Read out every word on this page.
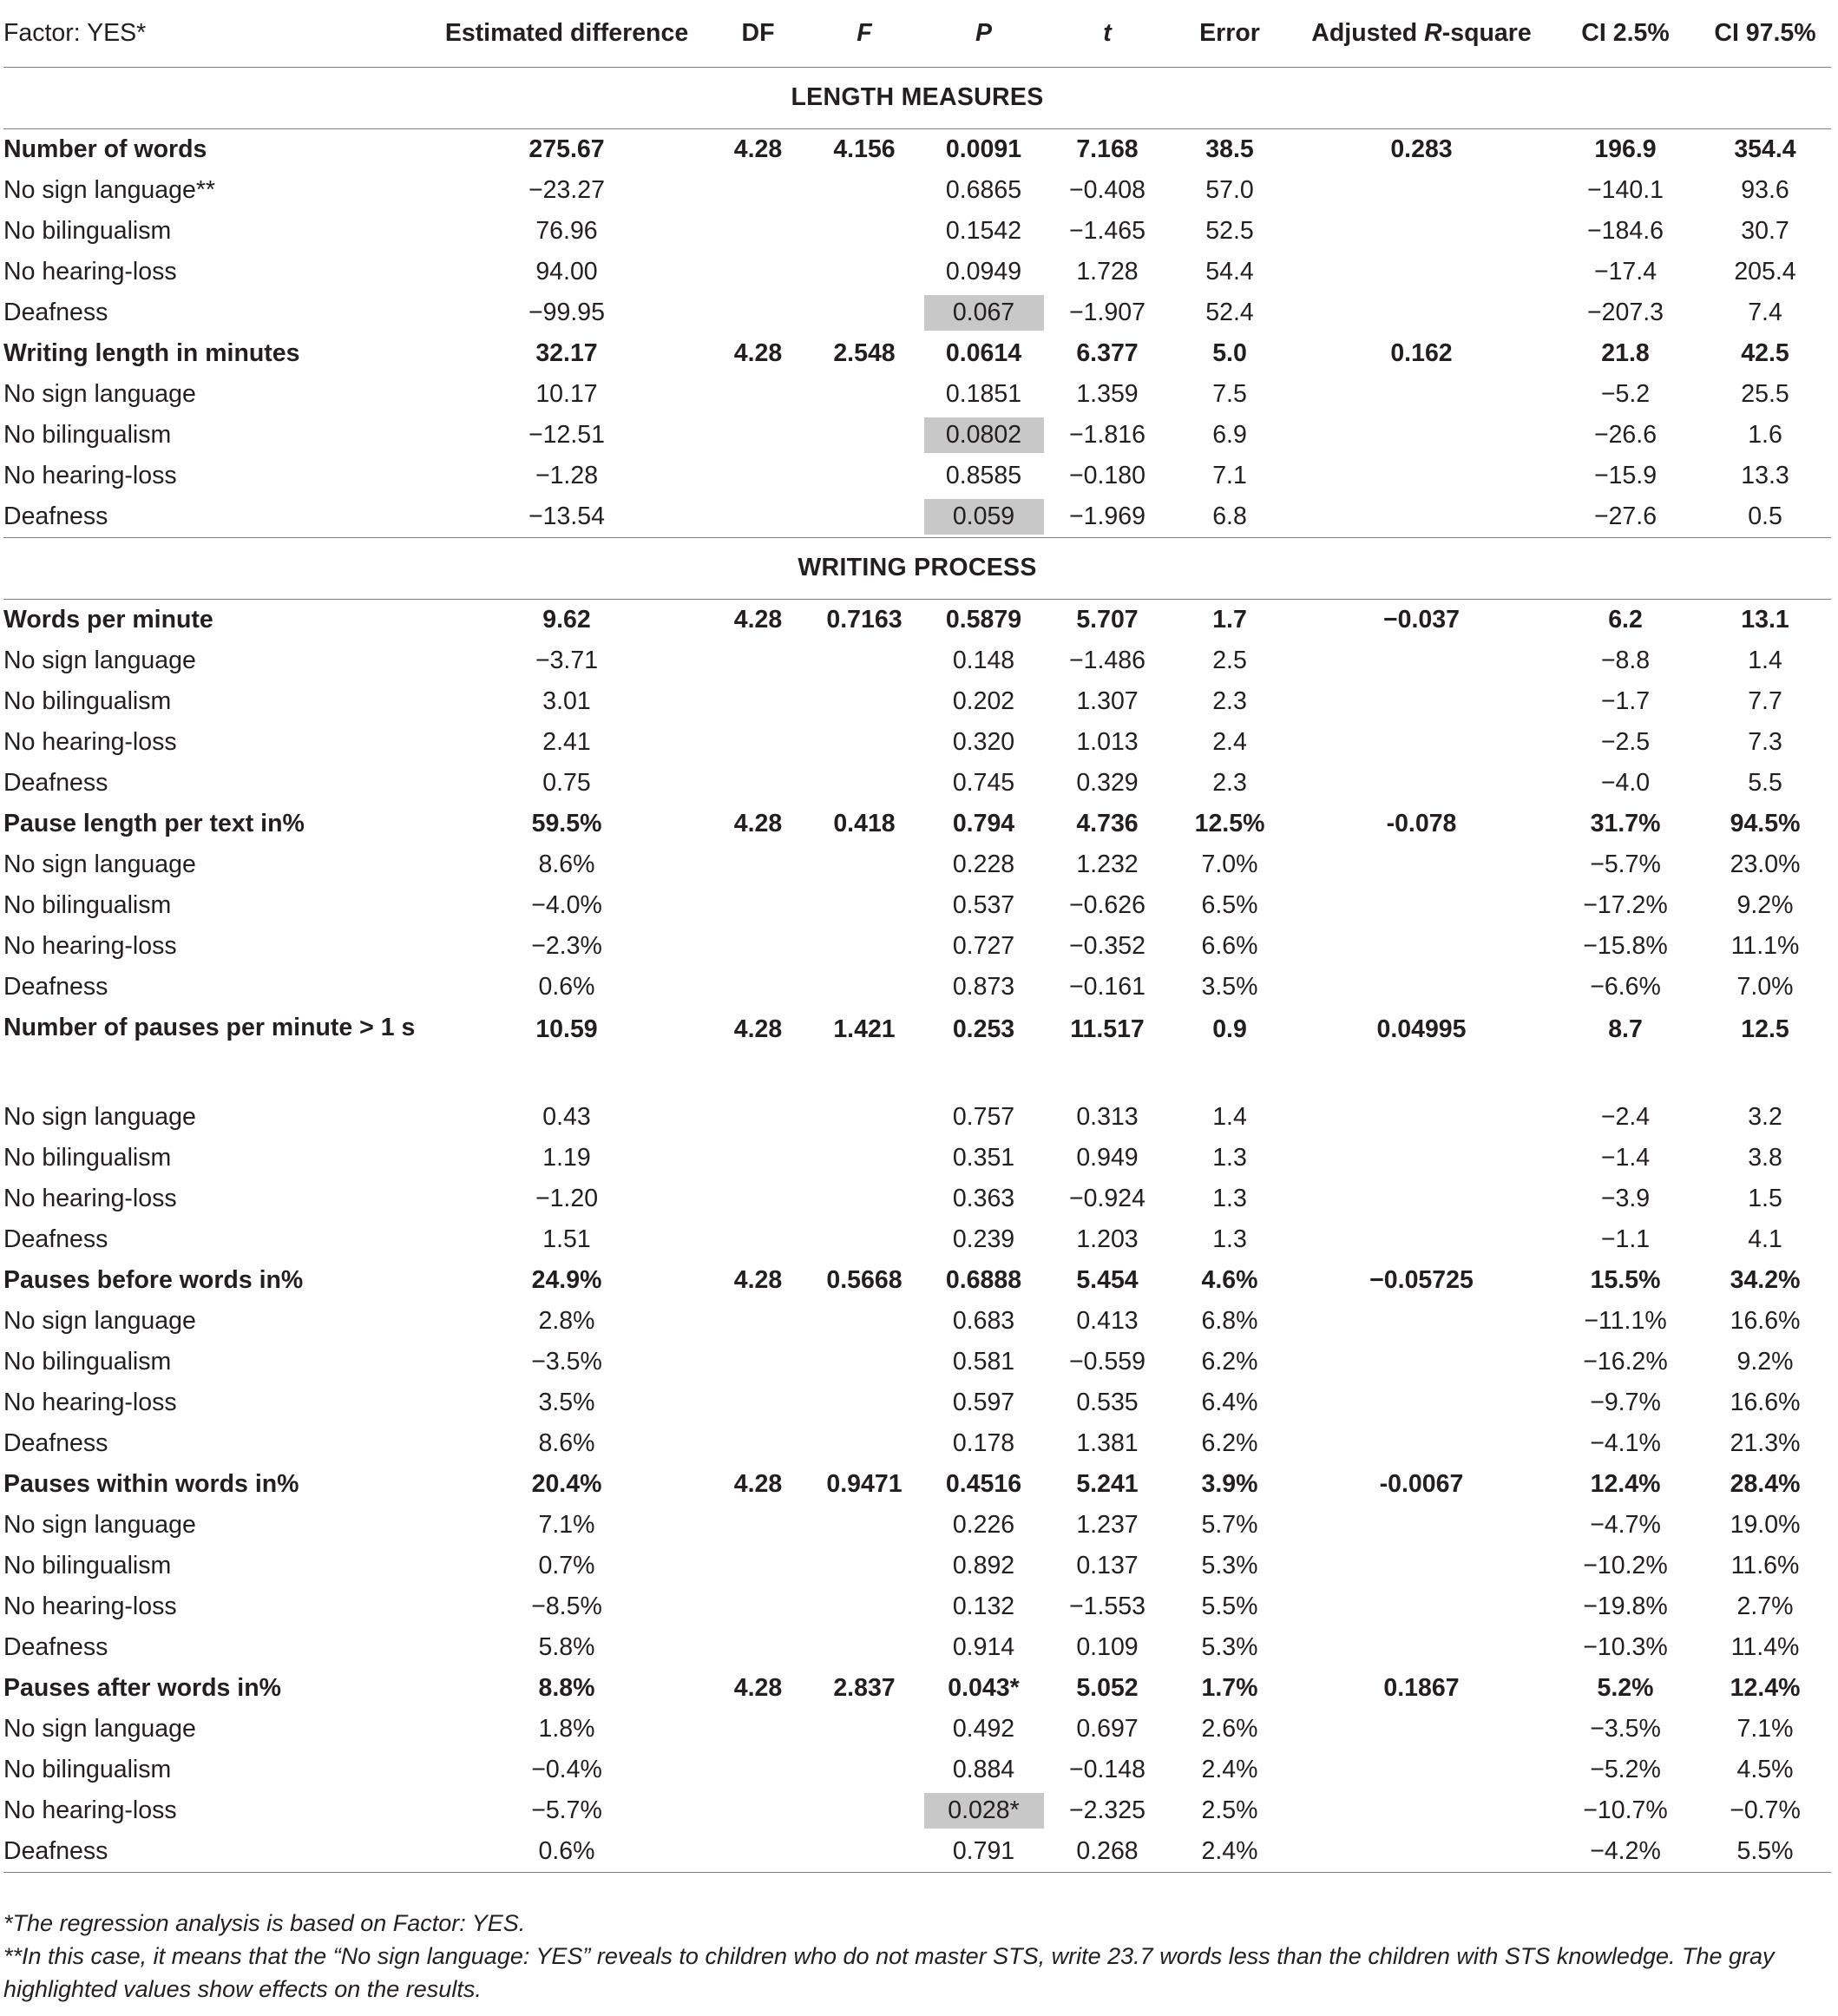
Factor: YES*	Estimated difference	DF	F	P	t	Error	Adjusted R-square	CI 2.5%	CI 97.5%
LENGTH MEASURES									
Number of words	275.67	4.28	4.156	0.0091	7.168	38.5	0.283	196.9	354.4
No sign language**	−23.27			0.6865	−0.408	57.0		−140.1	93.6
No bilingualism	76.96			0.1542	−1.465	52.5		−184.6	30.7
No hearing-loss	94.00			0.0949	1.728	54.4		−17.4	205.4
Deafness	−99.95			0.067	−1.907	52.4		−207.3	7.4
Writing length in minutes	32.17	4.28	2.548	0.0614	6.377	5.0	0.162	21.8	42.5
No sign language	10.17			0.1851	1.359	7.5		−5.2	25.5
No bilingualism	−12.51			0.0802	−1.816	6.9		−26.6	1.6
No hearing-loss	−1.28			0.8585	−0.180	7.1		−15.9	13.3
Deafness	−13.54			0.059	−1.969	6.8		−27.6	0.5
WRITING PROCESS									
Words per minute	9.62	4.28	0.7163	0.5879	5.707	1.7	−0.037	6.2	13.1
No sign language	−3.71			0.148	−1.486	2.5		−8.8	1.4
No bilingualism	3.01			0.202	1.307	2.3		−1.7	7.7
No hearing-loss	2.41			0.320	1.013	2.4		−2.5	7.3
Deafness	0.75			0.745	0.329	2.3		−4.0	5.5
Pause length per text in%	59.5%	4.28	0.418	0.794	4.736	12.5%	-0.078	31.7%	94.5%
No sign language	8.6%			0.228	1.232	7.0%		−5.7%	23.0%
No bilingualism	−4.0%			0.537	−0.626	6.5%		−17.2%	9.2%
No hearing-loss	−2.3%			0.727	−0.352	6.6%		−15.8%	11.1%
Deafness	0.6%			0.873	−0.161	3.5%		−6.6%	7.0%
Number of pauses per minute > 1 s	10.59	4.28	1.421	0.253	11.517	0.9	0.04995	8.7	12.5
No sign language	0.43			0.757	0.313	1.4		−2.4	3.2
No bilingualism	1.19			0.351	0.949	1.3		−1.4	3.8
No hearing-loss	−1.20			0.363	−0.924	1.3		−3.9	1.5
Deafness	1.51			0.239	1.203	1.3		−1.1	4.1
Pauses before words in%	24.9%	4.28	0.5668	0.6888	5.454	4.6%	−0.05725	15.5%	34.2%
No sign language	2.8%			0.683	0.413	6.8%		−11.1%	16.6%
No bilingualism	−3.5%			0.581	−0.559	6.2%		−16.2%	9.2%
No hearing-loss	3.5%			0.597	0.535	6.4%		−9.7%	16.6%
Deafness	8.6%			0.178	1.381	6.2%		−4.1%	21.3%
Pauses within words in%	20.4%	4.28	0.9471	0.4516	5.241	3.9%	-0.0067	12.4%	28.4%
No sign language	7.1%			0.226	1.237	5.7%		−4.7%	19.0%
No bilingualism	0.7%			0.892	0.137	5.3%		−10.2%	11.6%
No hearing-loss	−8.5%			0.132	−1.553	5.5%		−19.8%	2.7%
Deafness	5.8%			0.914	0.109	5.3%		−10.3%	11.4%
Pauses after words in%	8.8%	4.28	2.837	0.043*	5.052	1.7%	0.1867	5.2%	12.4%
No sign language	1.8%			0.492	0.697	2.6%		−3.5%	7.1%
No bilingualism	−0.4%			0.884	−0.148	2.4%		−5.2%	4.5%
No hearing-loss	−5.7%			0.028*	−2.325	2.5%		−10.7%	−0.7%
Deafness	0.6%			0.791	0.268	2.4%		−4.2%	5.5%

*The regression analysis is based on Factor: YES.

**In this case, it means that the “No sign language: YES” reveals to children who do not master STS, write 23.7 words less than the children with STS knowledge. The gray highlighted values show effects on the results.
